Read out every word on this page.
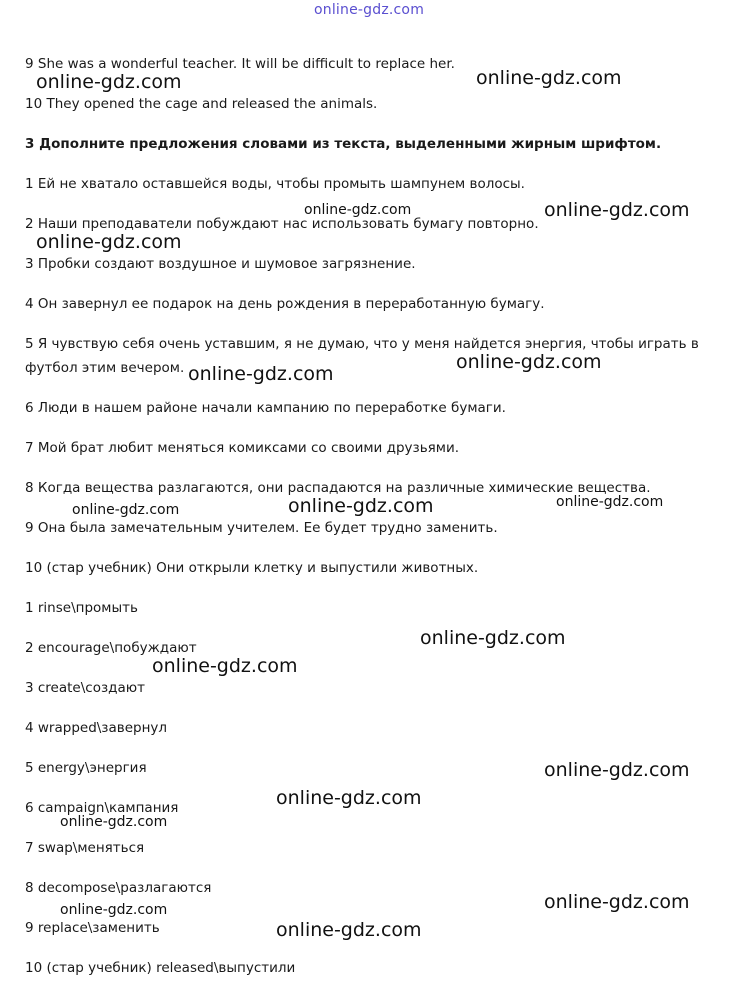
online-gdz.com
9 She was a wonderful teacher. It will be difficult to replace her.
10 They opened the cage and released the animals.
3 Дополните предложения словами из текста, выделенными жирным шрифтом.
1 Ей не хватало оставшейся воды, чтобы промыть шампунем волосы.
2 Наши преподаватели побуждают нас использовать бумагу повторно.
3 Пробки создают воздушное и шумовое загрязнение.
4 Он завернул ее подарок на день рождения в переработанную бумагу.
5 Я чувствую себя очень уставшим, я не думаю, что у меня найдется энергия, чтобы играть в
футбол этим вечером.
6 Люди в нашем районе начали кампанию по переработке бумаги.
7 Мой брат любит меняться комиксами со своими друзьями.
8 Когда вещества разлагаются, они распадаются на различные химические вещества.
9 Она была замечательным учителем. Ее будет трудно заменить.
10 (стар учебник) Они открыли клетку и выпустили животных.
1 rinse\промыть
2 encourage\побуждают
3 create\создают
4 wrapped\завернул
5 energy\энергия
6 campaign\кампания
7 swap\меняться
8 decompose\разлагаются
9 replace\заменить
10 (стар учебник) released\выпустили
online-gdz.com	online-gdz.com
online-gdz.com	online-gdz.com
online-gdz.com
online-gdz.com
online-gdz.com
online-gdz.com	online-gdz.com	online-gdz.com
online-gdz.com
online-gdz.com
online-gdz.com
online-gdz.com
online-gdz.com
online-gdz.com
online-gdz.com
online-gdz.com
